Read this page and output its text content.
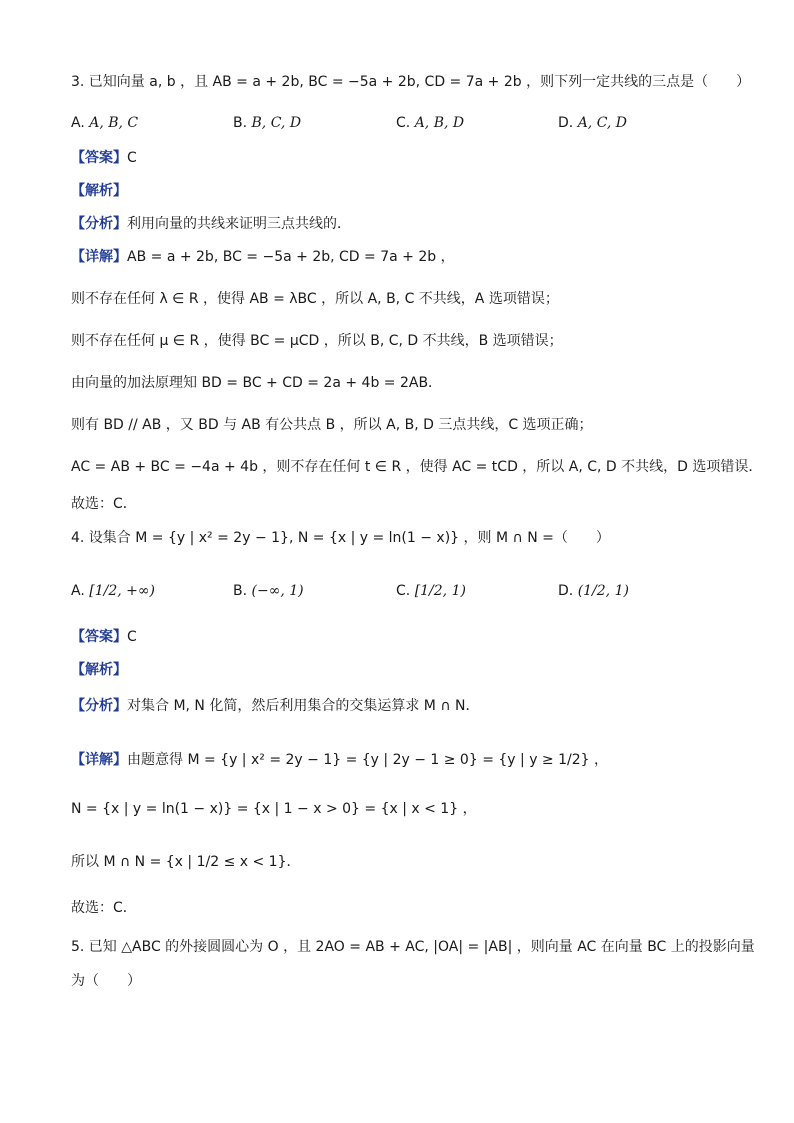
3. 已知向量 a, b ，且 AB = a + 2b, BC = −5a + 2b, CD = 7a + 2b ，则下列一定共线的三点是（　　）
A. A, B, C	B. B, C, D	C. A, B, D	D. A, C, D
【答案】C
【解析】
【分析】利用向量的共线来证明三点共线的．
【详解】AB = a + 2b, BC = −5a + 2b, CD = 7a + 2b ，
则不存在任何 λ ∈ R ，使得 AB = λBC ，所以 A, B, C 不共线，A 选项错误；
则不存在任何 μ ∈ R ，使得 BC = μCD ，所以 B, C, D 不共线，B 选项错误；
由向量的加法原理知 BD = BC + CD = 2a + 4b = 2AB．
则有 BD // AB ，又 BD 与 AB 有公共点 B ，所以 A, B, D 三点共线，C 选项正确；
AC = AB + BC = −4a + 4b ，则不存在任何 t ∈ R ，使得 AC = tCD ，所以 A, C, D 不共线，D 选项错误．
故选：C．
4. 设集合 M = {y | x² = 2y − 1}, N = {x | y = ln(1 − x)} ，则 M ∩ N =（　　）
A. [1/2, +∞)	B. (−∞, 1)	C. [1/2, 1)	D. (1/2, 1)
【答案】C
【解析】
【分析】对集合 M, N 化简，然后利用集合的交集运算求 M ∩ N．
【详解】由题意得 M = {y | x² = 2y − 1} = {y | 2y − 1 ≥ 0} = {y | y ≥ 1/2} ，
N = {x | y = ln(1 − x)} = {x | 1 − x > 0} = {x | x < 1} ，
所以 M ∩ N = {x | 1/2 ≤ x < 1}．
故选：C．
5. 已知 △ABC 的外接圆圆心为 O ，且 2AO = AB + AC, |OA| = |AB| ，则向量 AC 在向量 BC 上的投影向量
为（　　）
